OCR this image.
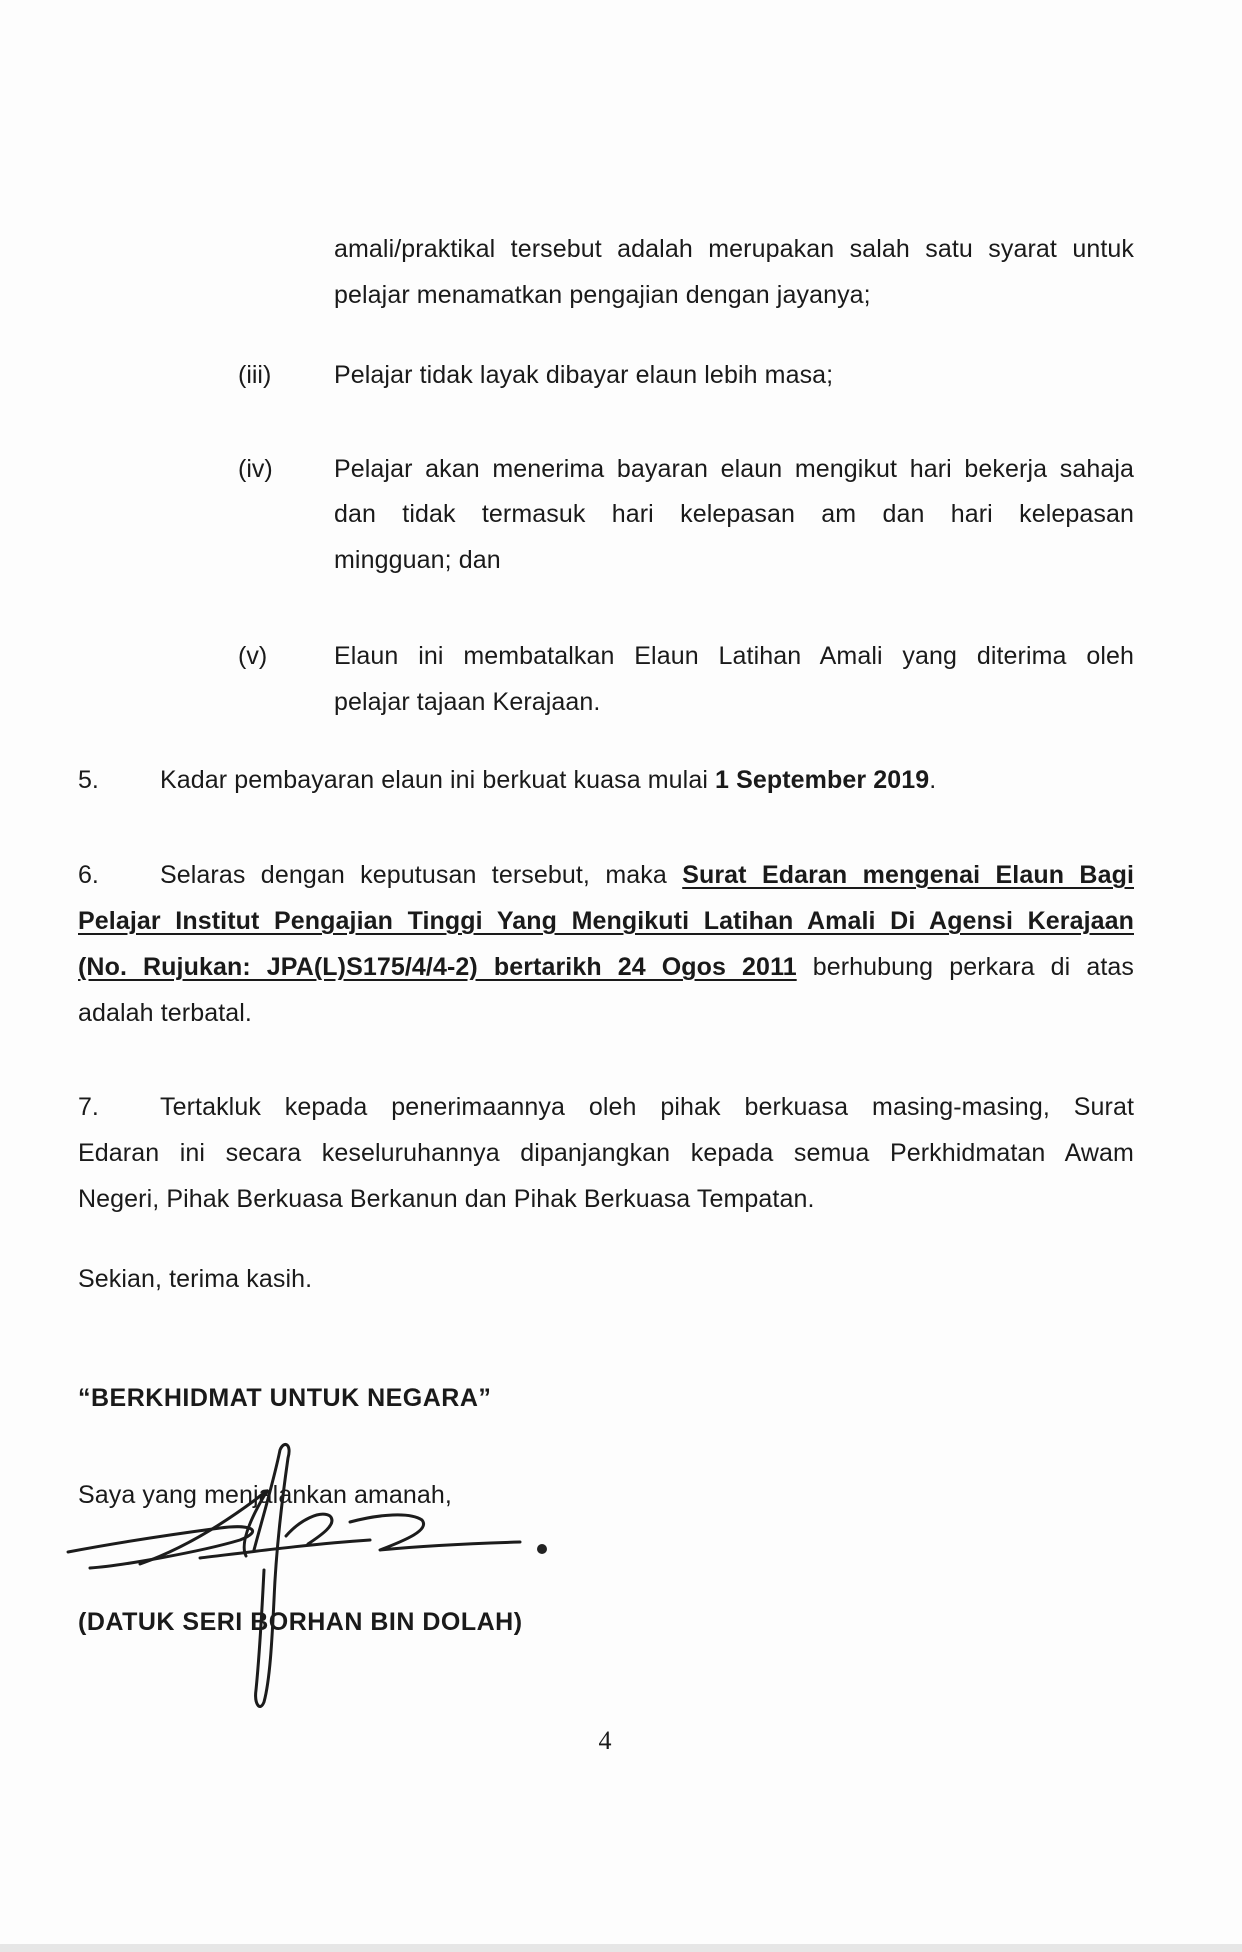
amali/praktikal tersebut adalah merupakan salah satu syarat untuk
pelajar menamatkan pengajian dengan jayanya;
(iii)	Pelajar tidak layak dibayar elaun lebih masa;
(iv) Pelajar akan menerima bayaran elaun mengikut hari bekerja sahaja
dan tidak termasuk hari kelepasan am dan hari kelepasan
mingguan; dan
(v)	Elaun ini membatalkan Elaun Latihan Amali yang diterima oleh
pelajar tajaan Kerajaan.
5. Kadar pembayaran elaun ini berkuat kuasa mulai 1 September 2019.
6. Selaras dengan keputusan tersebut, maka Surat Edaran mengenai Elaun Bagi
Pelajar Institut Pengajian Tinggi Yang Mengikuti Latihan Amali Di Agensi Kerajaan
(No. Rujukan: JPA(L)S175/4/4-2) bertarikh 24 Ogos 2011 berhubung perkara di atas
adalah terbatal.
7. Tertakluk kepada penerimaannya oleh pihak berkuasa masing-masing, Surat
Edaran ini secara keseluruhannya dipanjangkan kepada semua Perkhidmatan Awam
Negeri, Pihak Berkuasa Berkanun dan Pihak Berkuasa Tempatan.
Sekian, terima kasih.
“BERKHIDMAT UNTUK NEGARA”
Saya yang menjalankan amanah,
(DATUK SERI BORHAN BIN DOLAH)
4
